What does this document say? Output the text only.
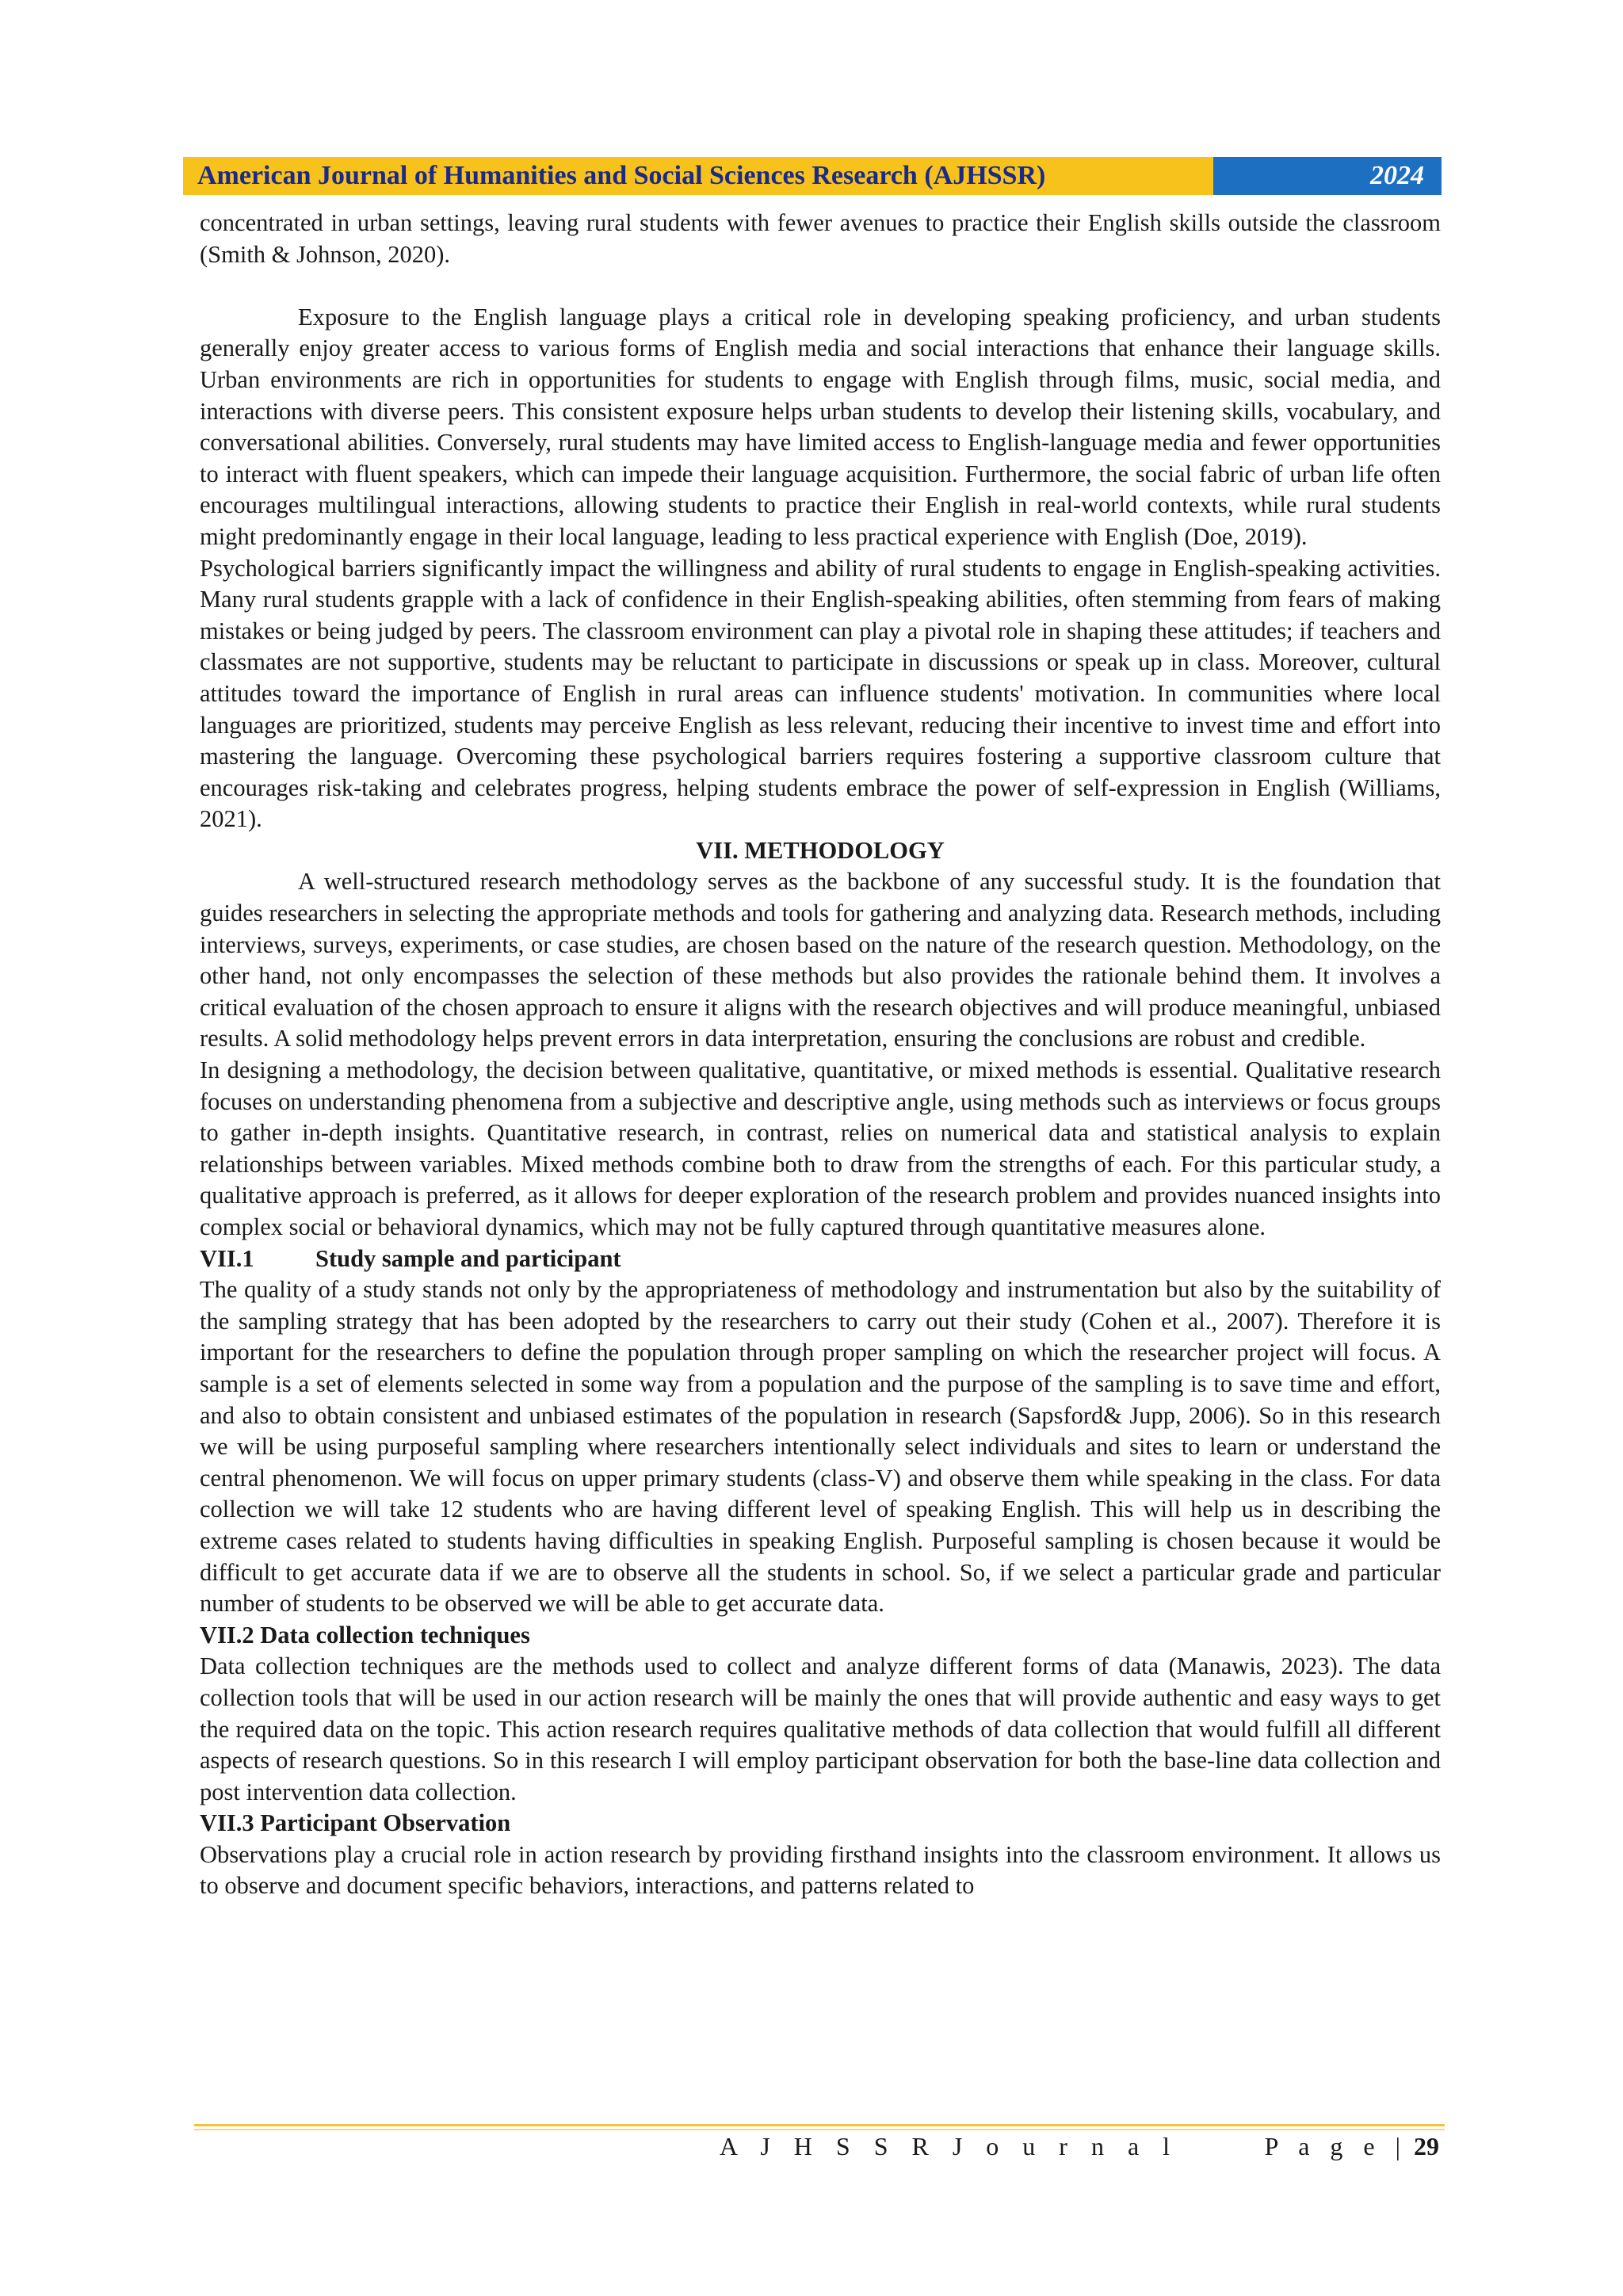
American Journal of Humanities and Social Sciences Research (AJHSSR)	2024

concentrated in urban settings, leaving rural students with fewer avenues to practice their English skills outside the classroom (Smith & Johnson, 2020).

Exposure to the English language plays a critical role in developing speaking proficiency, and urban students generally enjoy greater access to various forms of English media and social interactions that enhance their language skills. Urban environments are rich in opportunities for students to engage with English through films, music, social media, and interactions with diverse peers. This consistent exposure helps urban students to develop their listening skills, vocabulary, and conversational abilities. Conversely, rural students may have limited access to English-language media and fewer opportunities to interact with fluent speakers, which can impede their language acquisition. Furthermore, the social fabric of urban life often encourages multilingual interactions, allowing students to practice their English in real-world contexts, while rural students might predominantly engage in their local language, leading to less practical experience with English (Doe, 2019).

Psychological barriers significantly impact the willingness and ability of rural students to engage in English-speaking activities. Many rural students grapple with a lack of confidence in their English-speaking abilities, often stemming from fears of making mistakes or being judged by peers. The classroom environment can play a pivotal role in shaping these attitudes; if teachers and classmates are not supportive, students may be reluctant to participate in discussions or speak up in class. Moreover, cultural attitudes toward the importance of English in rural areas can influence students' motivation. In communities where local languages are prioritized, students may perceive English as less relevant, reducing their incentive to invest time and effort into mastering the language. Overcoming these psychological barriers requires fostering a supportive classroom culture that encourages risk-taking and celebrates progress, helping students embrace the power of self-expression in English (Williams, 2021).

VII. METHODOLOGY

A well-structured research methodology serves as the backbone of any successful study. It is the foundation that guides researchers in selecting the appropriate methods and tools for gathering and analyzing data. Research methods, including interviews, surveys, experiments, or case studies, are chosen based on the nature of the research question. Methodology, on the other hand, not only encompasses the selection of these methods but also provides the rationale behind them. It involves a critical evaluation of the chosen approach to ensure it aligns with the research objectives and will produce meaningful, unbiased results. A solid methodology helps prevent errors in data interpretation, ensuring the conclusions are robust and credible.

In designing a methodology, the decision between qualitative, quantitative, or mixed methods is essential. Qualitative research focuses on understanding phenomena from a subjective and descriptive angle, using methods such as interviews or focus groups to gather in-depth insights. Quantitative research, in contrast, relies on numerical data and statistical analysis to explain relationships between variables. Mixed methods combine both to draw from the strengths of each. For this particular study, a qualitative approach is preferred, as it allows for deeper exploration of the research problem and provides nuanced insights into complex social or behavioral dynamics, which may not be fully captured through quantitative measures alone.

VII.1	Study sample and participant

The quality of a study stands not only by the appropriateness of methodology and instrumentation but also by the suitability of the sampling strategy that has been adopted by the researchers to carry out their study (Cohen et al., 2007). Therefore it is important for the researchers to define the population through proper sampling on which the researcher project will focus. A sample is a set of elements selected in some way from a population and the purpose of the sampling is to save time and effort, and also to obtain consistent and unbiased estimates of the population in research (Sapsford& Jupp, 2006). So in this research we will be using purposeful sampling where researchers intentionally select individuals and sites to learn or understand the central phenomenon. We will focus on upper primary students (class-V) and observe them while speaking in the class. For data collection we will take 12 students who are having different level of speaking English. This will help us in describing the extreme cases related to students having difficulties in speaking English. Purposeful sampling is chosen because it would be difficult to get accurate data if we are to observe all the students in school. So, if we select a particular grade and particular number of students to be observed we will be able to get accurate data.

VII.2 Data collection techniques

Data collection techniques are the methods used to collect and analyze different forms of data (Manawis, 2023). The data collection tools that will be used in our action research will be mainly the ones that will provide authentic and easy ways to get the required data on the topic. This action research requires qualitative methods of data collection that would fulfill all different aspects of research questions. So in this research I will employ participant observation for both the base-line data collection and post intervention data collection.

VII.3 Participant Observation

Observations play a crucial role in action research by providing firsthand insights into the classroom environment. It allows us to observe and document specific behaviors, interactions, and patterns related to

A J H S S R J o u r n a l	P a g e | 29
